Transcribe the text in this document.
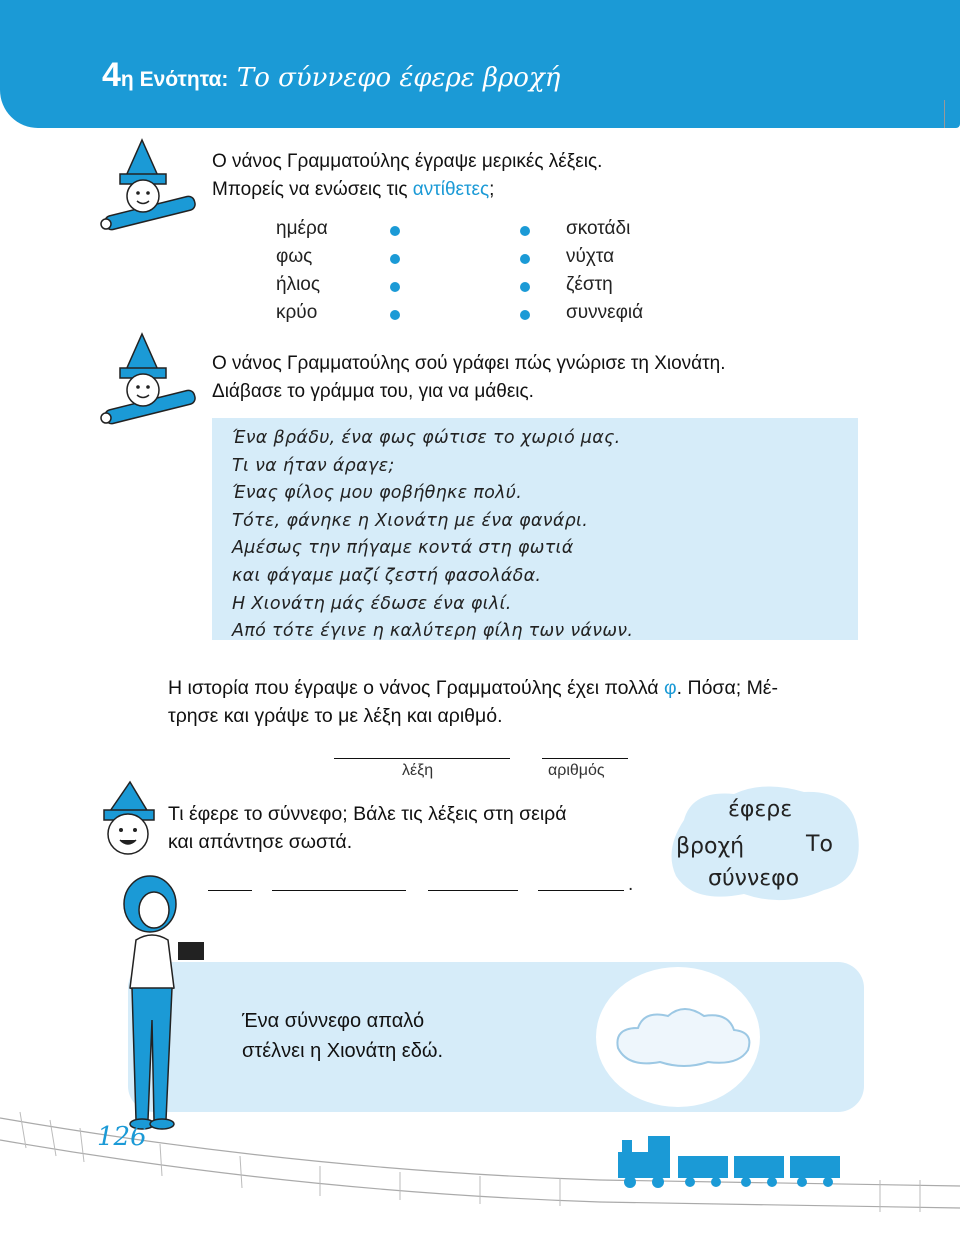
4η Ενότητα: Το σύννεφο έφερε βροχή
Ο νάνος Γραμματούλης έγραψε μερικές λέξεις.
Μπορείς να ενώσεις τις αντίθετες;
ημέρα
φως
ήλιος
κρύο
σκοτάδι
νύχτα
ζέστη
συννεφιά
Ο νάνος Γραμματούλης σού γράφει πώς γνώρισε τη Χιονάτη.
Διάβασε το γράμμα του, για να μάθεις.
Ένα βράδυ, ένα φως φώτισε το χωριό μας.
Τι να ήταν άραγε;
Ένας φίλος μου φοβήθηκε πολύ.
Τότε, φάνηκε η Χιονάτη με ένα φανάρι.
Αμέσως την πήγαμε κοντά στη φωτιά
και φάγαμε μαζί ζεστή φασολάδα.
Η Χιονάτη μάς έδωσε ένα φιλί.
Από τότε έγινε η καλύτερη φίλη των νάνων.
Η ιστορία που έγραψε ο νάνος Γραμματούλης έχει πολλά φ. Πόσα; Μέ-
τρησε και γράψε το με λέξη και αριθμό.
λέξη	αριθμός
Τι έφερε το σύννεφο; Βάλε τις λέξεις στη σειρά
και απάντησε σωστά.
.
έφερε
βροχή	Το
σύννεφο
Ένα σύννεφο απαλό
στέλνει η Χιονάτη εδώ.
126
